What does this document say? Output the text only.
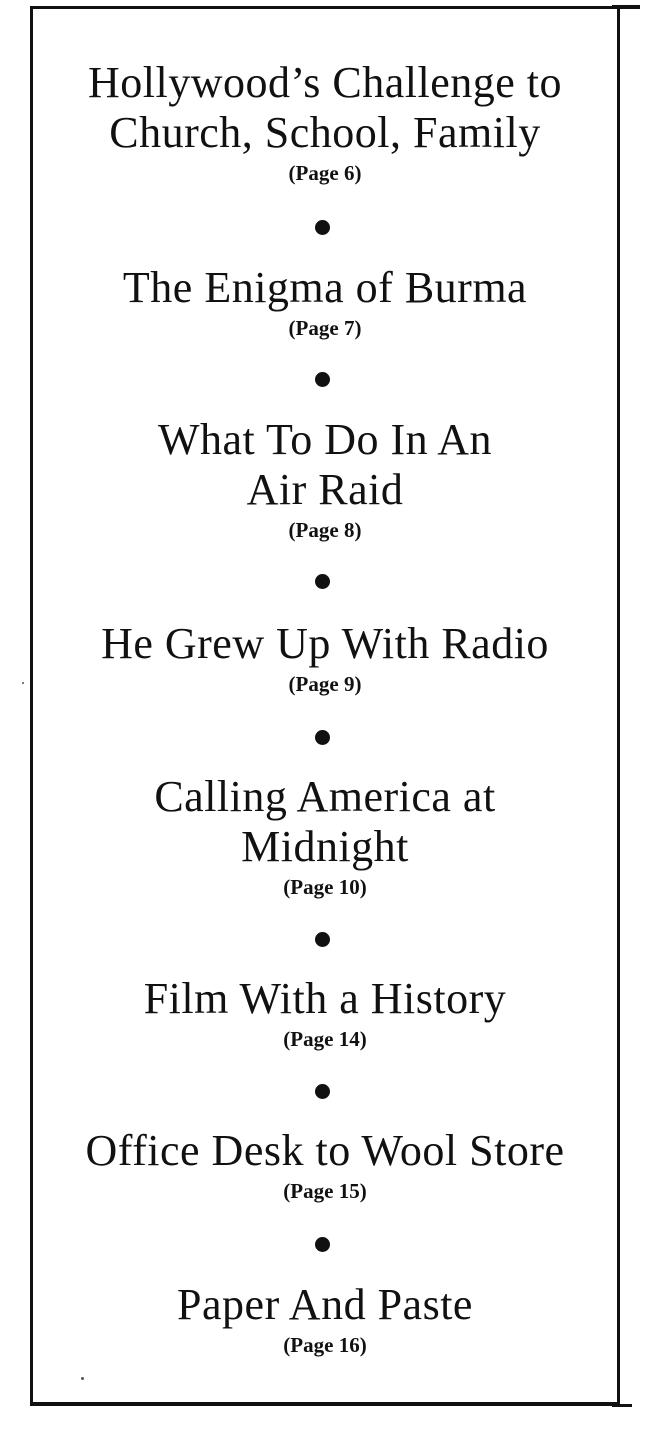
Hollywood’s Challenge to
Church, School, Family
(Page 6)
The Enigma of Burma
(Page 7)
What To Do In An
Air Raid
(Page 8)
He Grew Up With Radio
(Page 9)
Calling America at
Midnight
(Page 10)
Film With a History
(Page 14)
Office Desk to Wool Store
(Page 15)
Paper And Paste
(Page 16)
